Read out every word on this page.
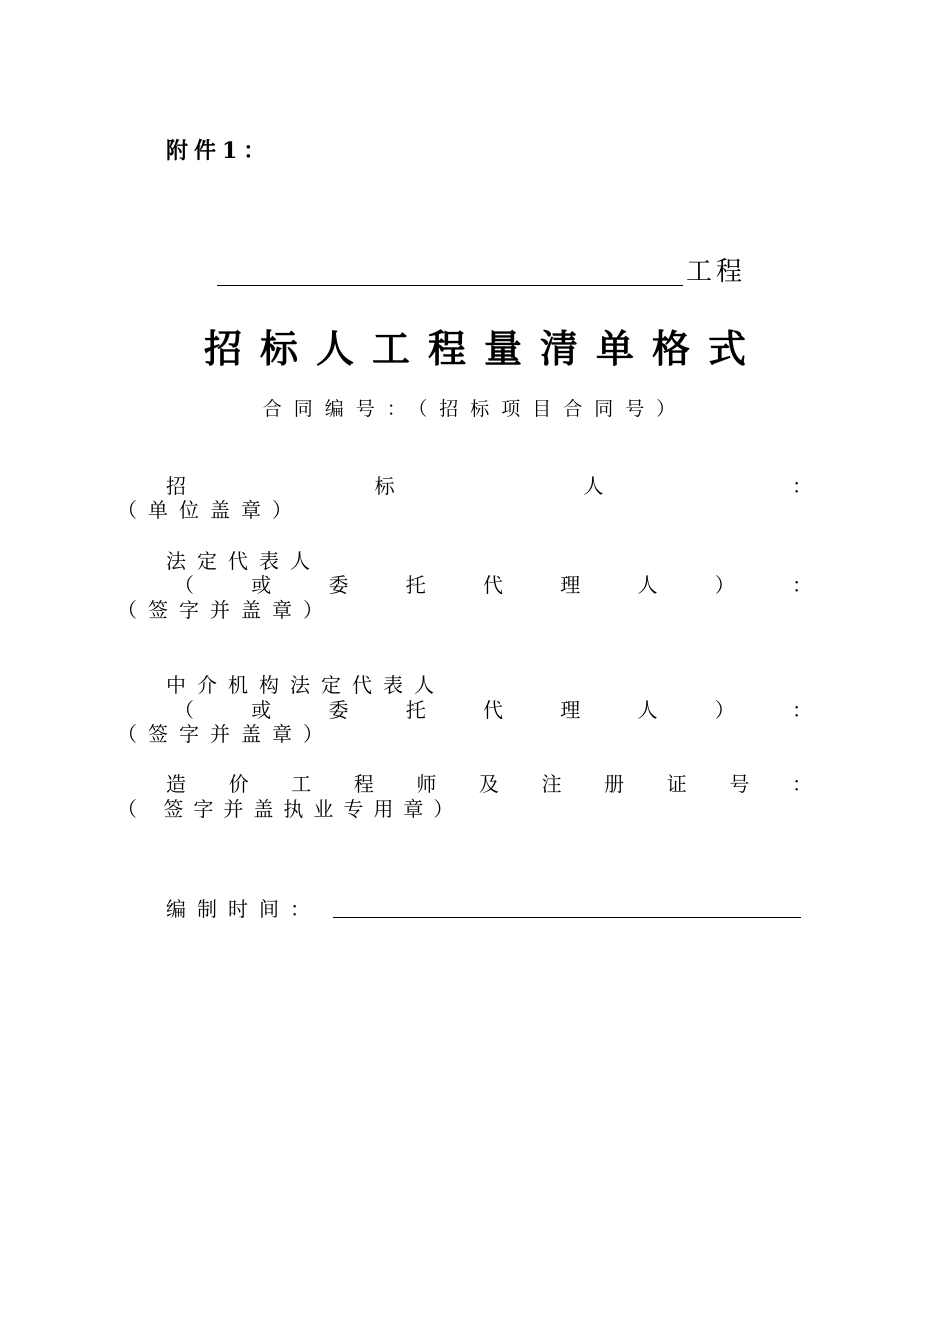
附件1：
工程
招标人工程量清单格式
合同编号：（招标项目合同号）
招	标	人	：
（单位盖章）
法定代表人
（	或	委	托	代	理	人	）	：
（签字并盖章）
中介机构法定代表人
（	或	委	托	代	理	人	）	：
（签字并盖章）
造 价 工 程 师 及 注 册 证 号 ：
（ 签字并盖执业专用章）
编制时间：
